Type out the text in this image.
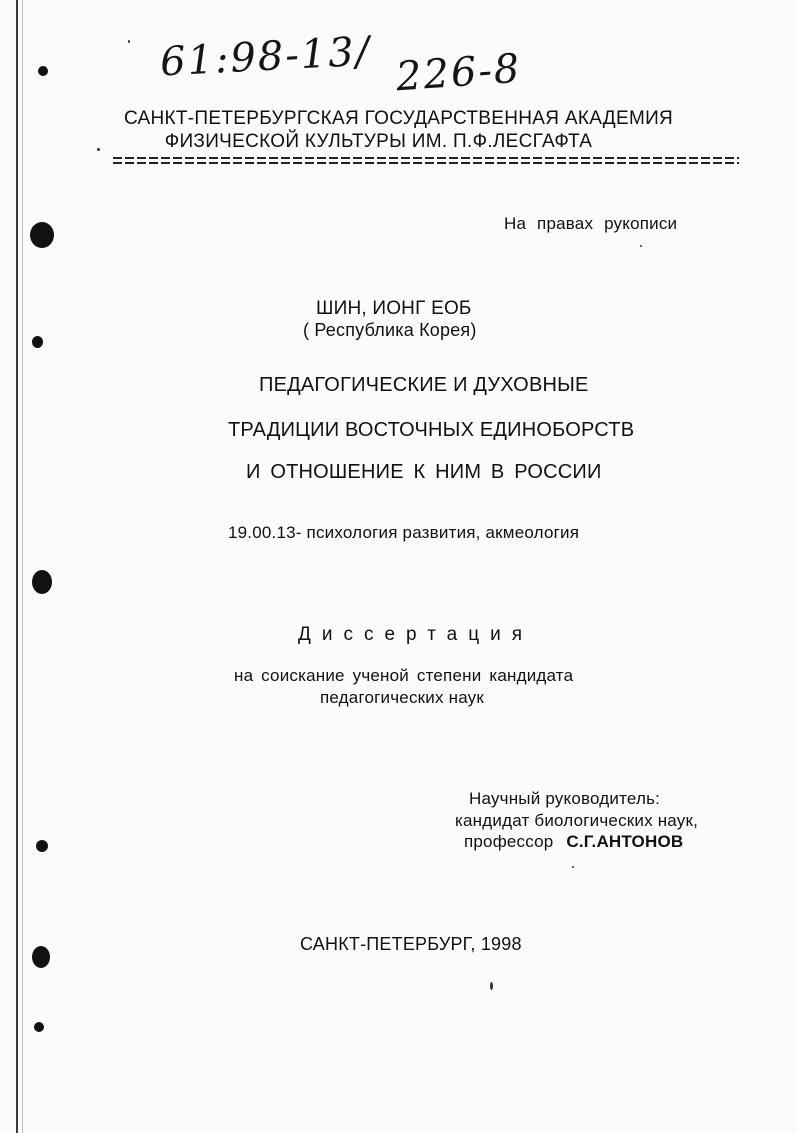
61:98-13/ 226-8
САНКТ-ПЕТЕРБУРГСКАЯ ГОСУДАРСТВЕННАЯ АКАДЕМИЯ
ФИЗИЧЕСКОЙ КУЛЬТУРЫ ИМ. П.Ф.ЛЕСГАФТА
На правах рукописи
ШИН, ИОНГ ЕОБ
( Республика Корея)
ПЕДАГОГИЧЕСКИЕ И ДУХОВНЫЕ
ТРАДИЦИИ ВОСТОЧНЫХ ЕДИНОБОРСТВ
И ОТНОШЕНИЕ К НИМ В РОССИИ
19.00.13- психология развития, акмеология
Диссертация
на соискание ученой степени кандидата
педагогических наук
Научный руководитель:
кандидат биологических наук,
профессор С.Г.АНТОНОВ
САНКТ-ПЕТЕРБУРГ, 1998
